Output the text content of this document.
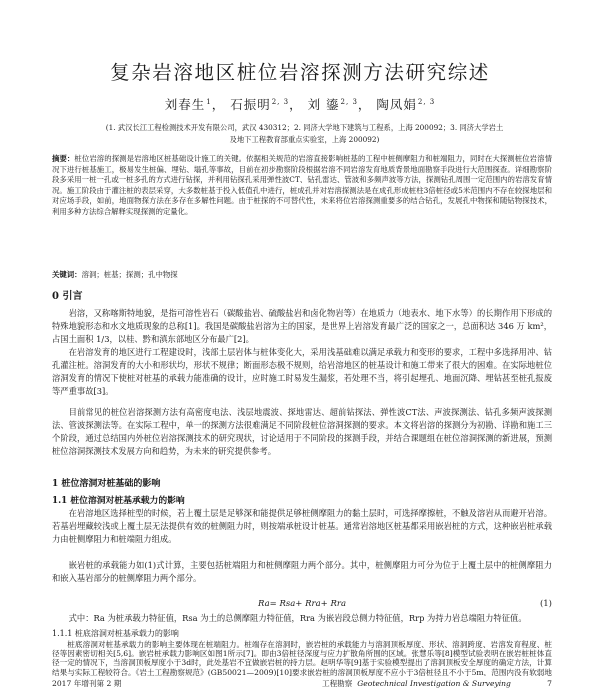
复杂岩溶地区桩位岩溶探测方法研究综述
刘春生$^1$， 石振明$^{2, 3}$， 刘 鎏$^{2, 3}$， 陶凤娟$^{2, 3}$
(1. 武汉长江工程检测技术开发有限公司，武汉 430312；2. 同济大学地下建筑与工程系，上海 200092；3. 同济大学岩土
及地下工程教育部重点实验室，上海 200092)
摘要：桩位岩溶的探测是岩溶地区桩基础设计施工的关键。依据相关规范的岩溶直接影响桩基的工程中桩侧摩阻力和桩端阻力，同时在大探测桩位岩溶情况下进行桩基施工，极易发生桩偏、埋钻、塌孔等事故，目前在初步勘察阶段根据岩溶不同岩溶发育地质背景地面勘察手段进行大范围探查。详细勘察阶段多采用一桩一孔或一桩多孔的方式进行钻探，并利用钻探孔采用弹性波CT、钻孔雷达、管波和多频声波等方法，探测钻孔周围一定范围内的岩溶发育情况。施工阶段由于灌注桩的表层采穿，大多数桩基于投入低值孔中进行，桩成孔并对岩溶探测法是在成孔形成桩柱3倍桩径或5米范围内不存在较探地层和对应场手段，如前，地面物探方法在多存在多解性问题。由于桩探的不可替代性，未来将位岩溶探测重要多的结合钻孔，发展孔中物探和随钻物探技术，利用多种方法综合解释实现探测的定量化。
关键词：溶洞；桩基；探测；孔中物探
0 引言

岩溶，又称喀斯特地貌，是指可溶性岩石（碳酸盐岩、硫酸盐岩和卤化物岩等）在地质力（地表水、地下水等）的长期作用下形成的特殊地貌形态和水文地质现象的总称[1]。我国是碳酸盐岩溶为主的国家，是世界上岩溶发育最广泛的国家之一，总面积达 346 万 km²，占国土面积 1/3，以桂、黔和滇东部地区分布最广[2]。

在岩溶发育的地区进行工程建设时，浅部土层岩体与桩体变化大，采用浅基础难以满足承载力和变形的要求，工程中多选择用冲、钻孔灌注桩。溶洞发育的大小和形状均，形状不规律；断面形态极不规则，给岩溶地区的桩基设计和施工带来了很大的困难。在实际地桩位溶洞发育的情况下使桩对桩基的承载力能准确的设计，应时施工时易发生漏浆，若处理不当，将引起埋孔、地面沉降、埋钻甚至桩孔报废等严重事故[3]。

目前常见的桩位岩溶探测方法有高密度电法、浅层地震波、探地雷达、超前钻探法、弹性波CT法、声波探测法、钻孔多频声波探测法、管波探测法等。在实际工程中，单一的探测方法很难满足不同阶段桩位溶洞探测的要求。本文将岩溶的探测分为初勘、详勘和施工三个阶段，通过总结国内外桩位岩溶探测技术的研究现状，讨论适用于不同阶段的探测手段，并结合课题组在桩位溶洞探测的新进展，预测桩位溶洞探测技术发展方向和趋势，为未来的研究提供参考。

1 桩位溶洞对桩基础的影响
1.1 桩位溶洞对桩基承载力的影响

在岩溶地区选择桩型的时候，若上覆土层是足够深和能提供足够桩侧摩阻力的黏土层时，可选择摩擦桩，不触及溶岩从而避开岩溶。若基岩埋藏较浅或上覆土层无法提供有效的桩侧阻力时，则按端承桩设计桩基。通常岩溶地区桩基都采用嵌岩桩的方式，这种嵌岩桩承载力由桩侧摩阻力和桩端阻力组成。

嵌岩桩的承载能力如(1)式计算，主要包括桩端阻力和桩侧摩阻力两个部分。其中，桩侧摩阻力可分为位于上覆土层中的桩侧摩阻力和嵌入基岩部分的桩侧摩阻力两个部分。

Ra= Rsa+ Rra+ Rra	(1)

式中：Ra 为桩承载力特征值，Rsa 为土的总侧摩阻力特征值，Rra 为嵌岩段总侧力特征值，Rrp 为持力岩总端阻力特征值。

1.1.1 桩底溶洞对桩基承载力的影响

桩底溶洞对桩基承载力的影响主要体现在桩端阻力。桩端存在溶洞时，嵌岩桩的承载能力与溶洞顶板厚度、形状、溶洞跨度、岩溶发育程度、桩径等因素密切相关[5,6]。嵌岩桩承载力影响区如图1所示[7]。即由3倍桩径深度与应力扩散角所围的区域。张慧乐等[8]模型试验表明在嵌岩桩桩体直径一定的情况下，当溶洞顶板厚度小于3d时，此处基岩不宜做嵌岩桩的持力层。赵明华等[9]基于实验模型提出了溶洞顶板安全厚度的确定方法，计算结果与实际工程较符合。《岩土工程勘察规范》(GB50021—2009)[10]要求嵌岩桩的溶洞顶板厚度不应小于3倍桩径且不小于5m，范围内没有软弱地

2017 年增刊第 2 期	工程勘察 Geotechnical Investigation & Surveying	7
